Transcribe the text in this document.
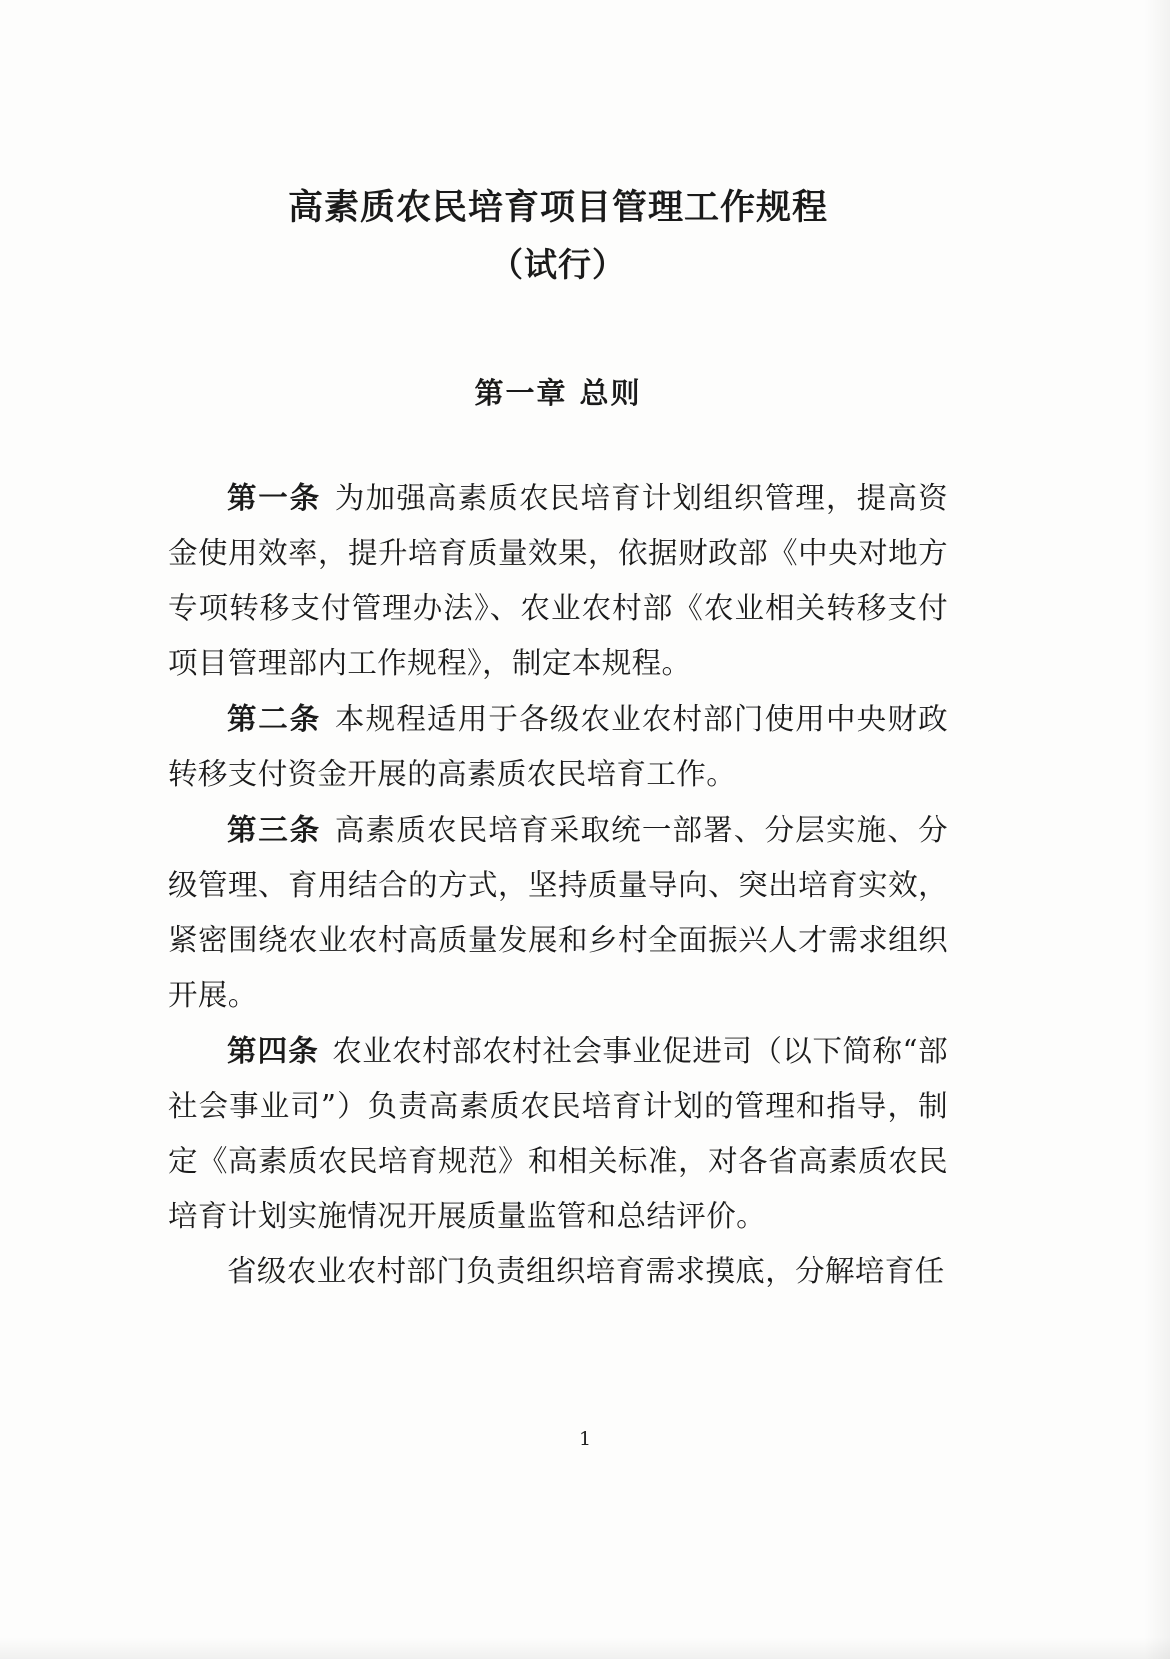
高素质农民培育项目管理工作规程
（试行）
第一章 总则

第一条 为加强高素质农民培育计划组织管理，提高资金使用效率，提升培育质量效果，依据财政部《中央对地方专项转移支付管理办法》、农业农村部《农业相关转移支付项目管理部内工作规程》，制定本规程。

第二条 本规程适用于各级农业农村部门使用中央财政转移支付资金开展的高素质农民培育工作。

第三条 高素质农民培育采取统一部署、分层实施、分级管理、育用结合的方式，坚持质量导向、突出培育实效，紧密围绕农业农村高质量发展和乡村全面振兴人才需求组织开展。

第四条 农业农村部农村社会事业促进司（以下简称“部社会事业司”）负责高素质农民培育计划的管理和指导，制定《高素质农民培育规范》和相关标准，对各省高素质农民培育计划实施情况开展质量监管和总结评价。

省级农业农村部门负责组织培育需求摸底，分解培育任

1
